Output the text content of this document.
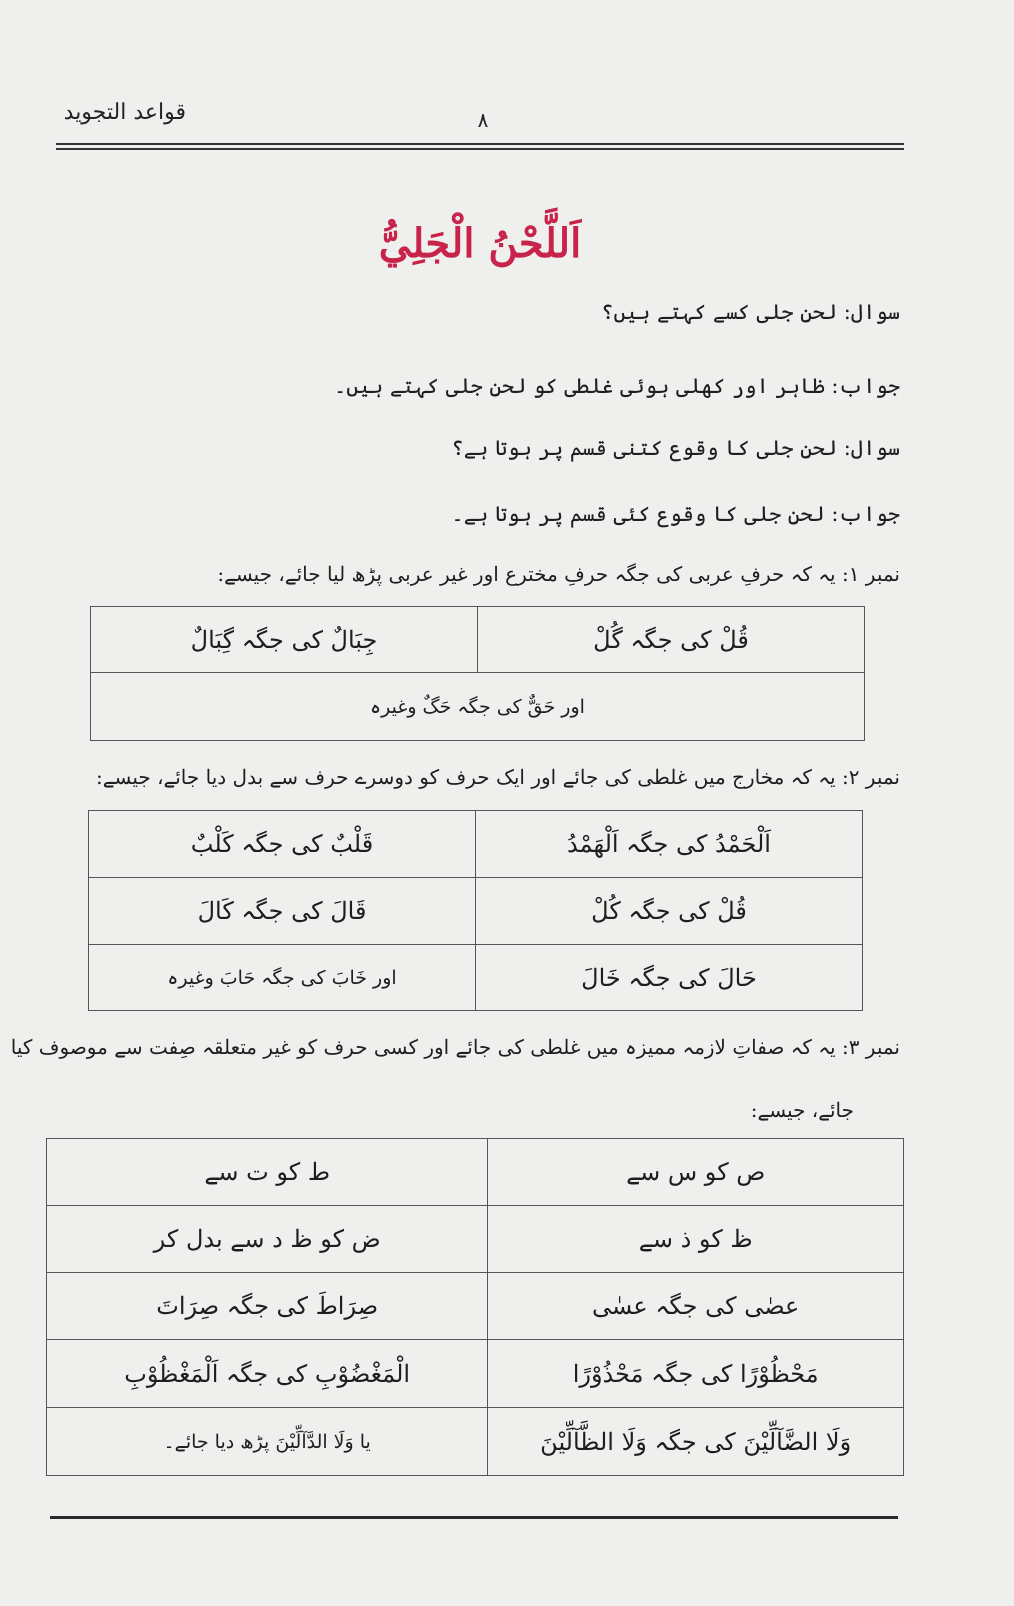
قواعد التجوید	۸
اَللَّحْنُ الْجَلِيُّ
سوال: لحنِ جلی کسے کہتے ہیں؟
جواب: ظاہر اور کھلی ہوئی غلطی کو لحنِ جلی کہتے ہیں۔
سوال: لحنِ جلی کا وقوع کتنی قسم پر ہوتا ہے؟
جواب: لحنِ جلی کا وقوع کئی قسم پر ہوتا ہے۔
نمبر ۱: یہ کہ حرفِ عربی کی جگہ حرفِ مخترع اور غیر عربی پڑھ لیا جائے، جیسے:
قُلْ کی جگہ گُلْ	جِبَالٌ کی جگہ گِبَالٌ
اور حَقٌّ کی جگہ حَگٌ وغیرہ
نمبر ۲: یہ کہ مخارج میں غلطی کی جائے اور ایک حرف کو دوسرے حرف سے بدل دیا جائے، جیسے:
اَلْحَمْدُ کی جگہ اَلْهَمْدُ	قَلْبٌ کی جگہ کَلْبٌ
قُلْ کی جگہ کُلْ	قَالَ کی جگہ کَالَ
حَالَ کی جگہ خَالَ	اور خَابَ کی جگہ حَابَ وغیرہ
نمبر ۳: یہ کہ صفاتِ لازمہ ممیزہ میں غلطی کی جائے اور کسی حرف کو غیر متعلقہ صِفت سے موصوف کیا
جائے، جیسے:
ص کو س سے	ط کو ت سے
ظ کو ذ سے	ض کو ظ د سے بدل کر
عصٰی کی جگہ عسٰی	صِرَاطَ کی جگہ صِرَاتَ
مَحْظُوْرًا کی جگہ مَحْذُوْرًا	الْمَغْضُوْبِ کی جگہ اَلْمَغْظُوْبِ
وَلَا الضَّآلِّيْنَ کی جگہ وَلَا الظَّآلِّيْنَ	یا وَلَا الدَّآلِّيْنَ پڑھ دیا جائے۔
